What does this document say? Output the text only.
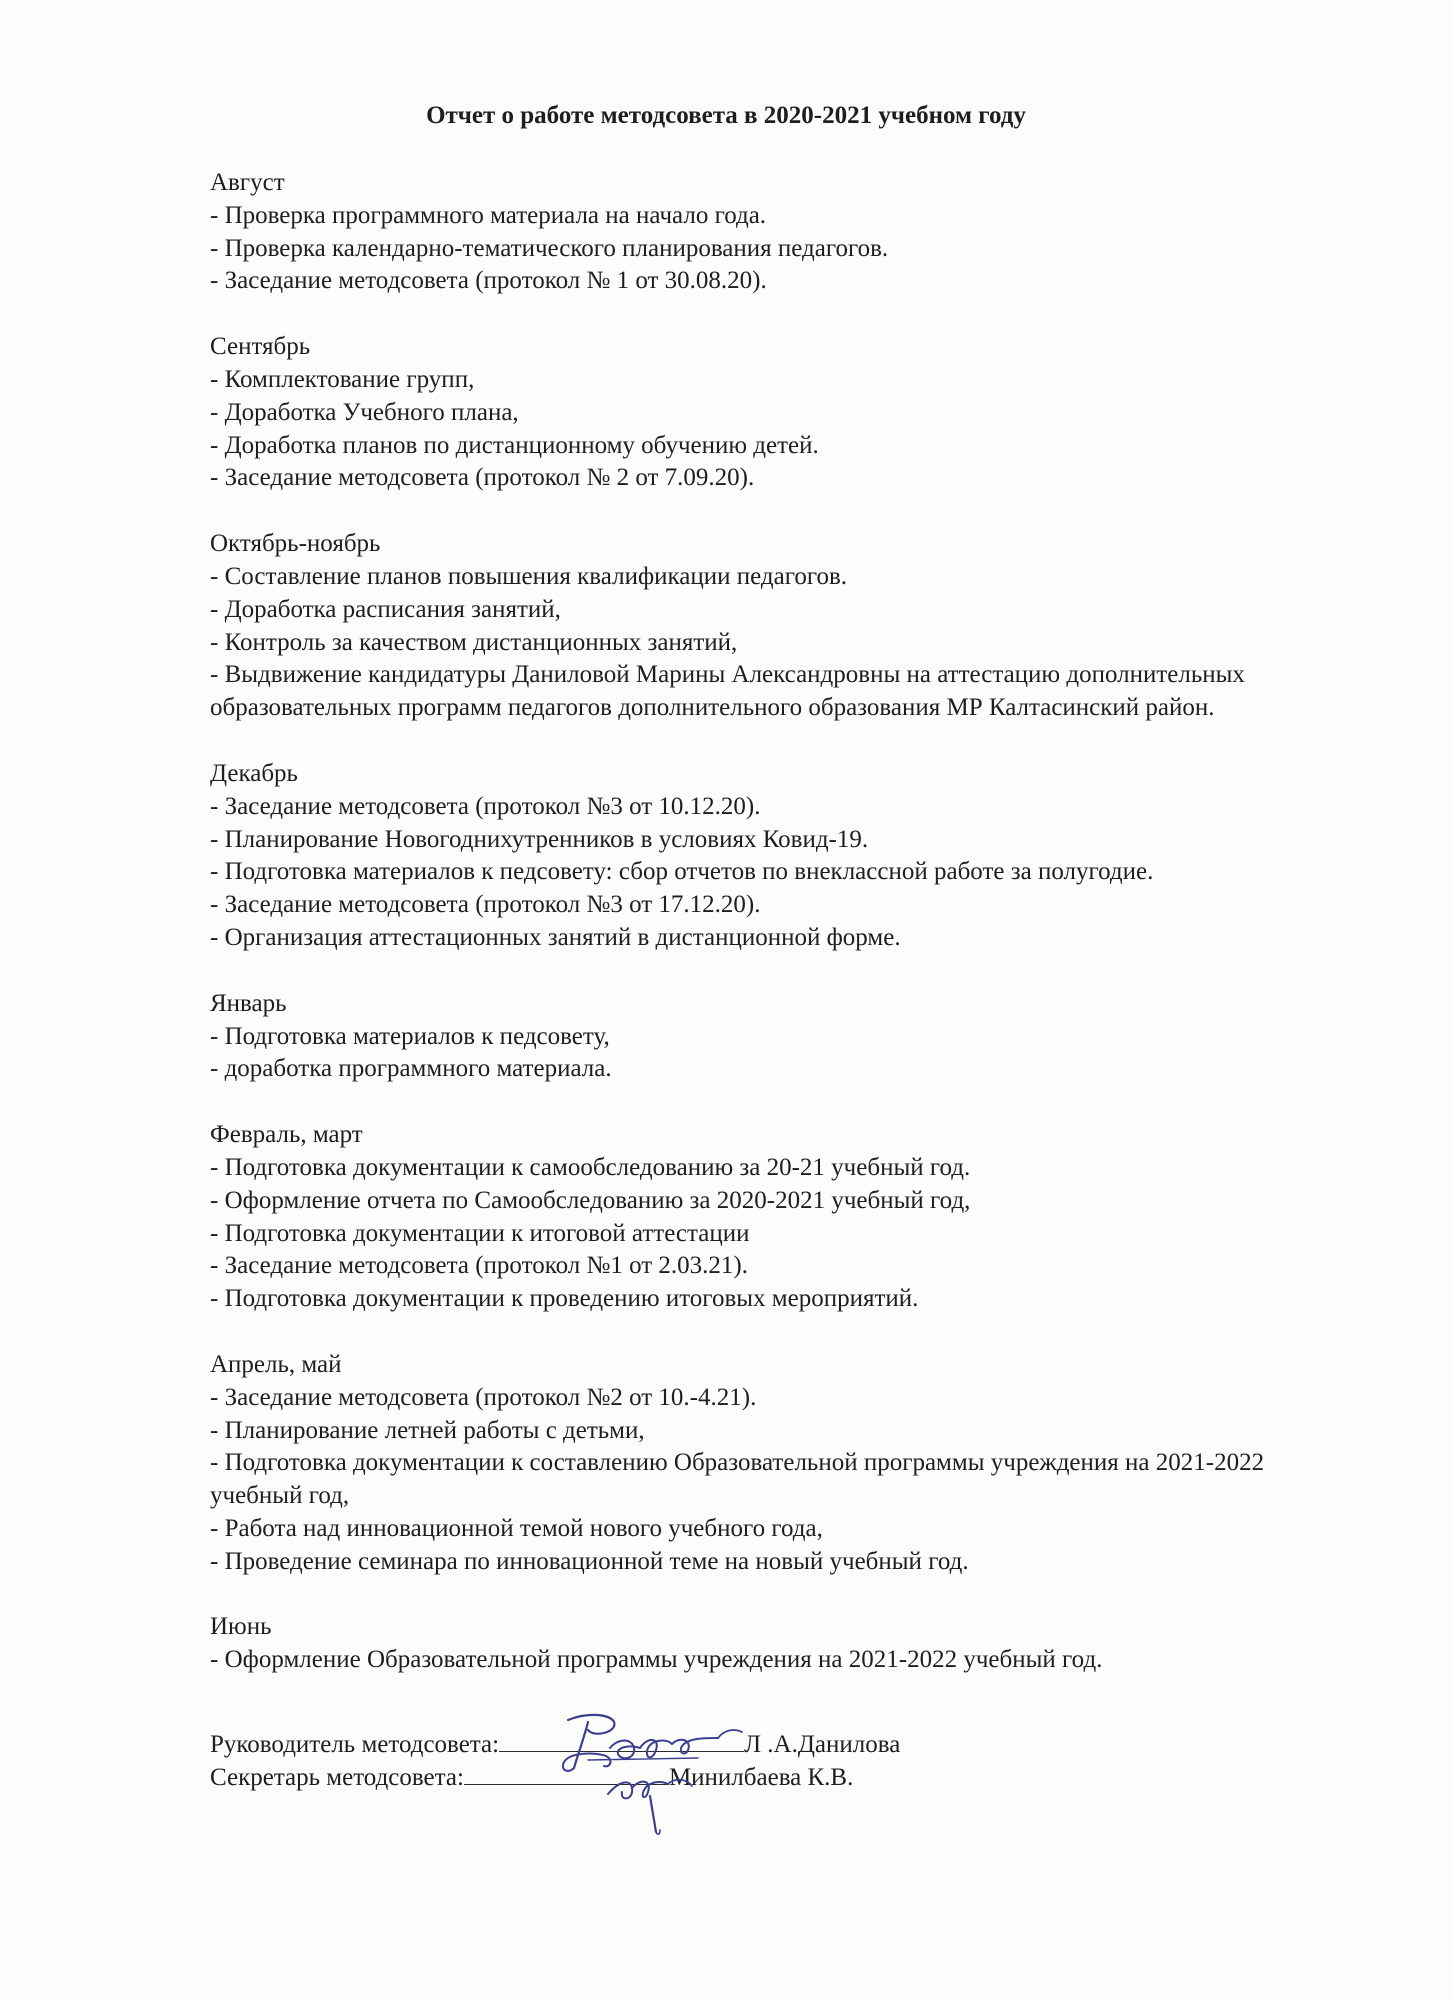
Отчет о работе методсовета в 2020-2021 учебном году
Август
- Проверка программного материала на начало года.
- Проверка календарно-тематического планирования педагогов.
- Заседание методсовета (протокол № 1 от 30.08.20).
Сентябрь
- Комплектование групп,
- Доработка Учебного плана,
- Доработка планов по дистанционному обучению детей.
- Заседание методсовета (протокол № 2 от 7.09.20).
Октябрь-ноябрь
- Составление планов повышения квалификации педагогов.
- Доработка расписания занятий,
- Контроль за качеством дистанционных занятий,
- Выдвижение кандидатуры Даниловой Марины Александровны на аттестацию дополнительных образовательных программ педагогов дополнительного образования МР Калтасинский район.
Декабрь
- Заседание методсовета (протокол №3 от 10.12.20).
- Планирование Новогоднихутренников в условиях Ковид-19.
- Подготовка материалов к педсовету: сбор отчетов по внеклассной работе за полугодие.
- Заседание методсовета (протокол №3 от 17.12.20).
- Организация аттестационных занятий в дистанционной форме.
Январь
- Подготовка материалов к педсовету,
- доработка программного материала.
Февраль, март
- Подготовка документации к самообследованию за 20-21 учебный год.
- Оформление отчета по Самообследованию за 2020-2021 учебный год,
- Подготовка документации к итоговой аттестации
- Заседание методсовета (протокол №1 от 2.03.21).
- Подготовка документации к проведению итоговых мероприятий.
Апрель, май
- Заседание методсовета (протокол №2 от 10.-4.21).
- Планирование летней работы с детьми,
- Подготовка документации к составлению Образовательной программы учреждения на 2021-2022 учебный год,
- Работа над инновационной темой нового учебного года,
- Проведение семинара по инновационной теме на новый учебный год.
Июнь
- Оформление Образовательной программы учреждения на 2021-2022 учебный год.
Руководитель методсовета:	Л .А.Данилова
Секретарь методсовета:	Минилбаева К.В.
